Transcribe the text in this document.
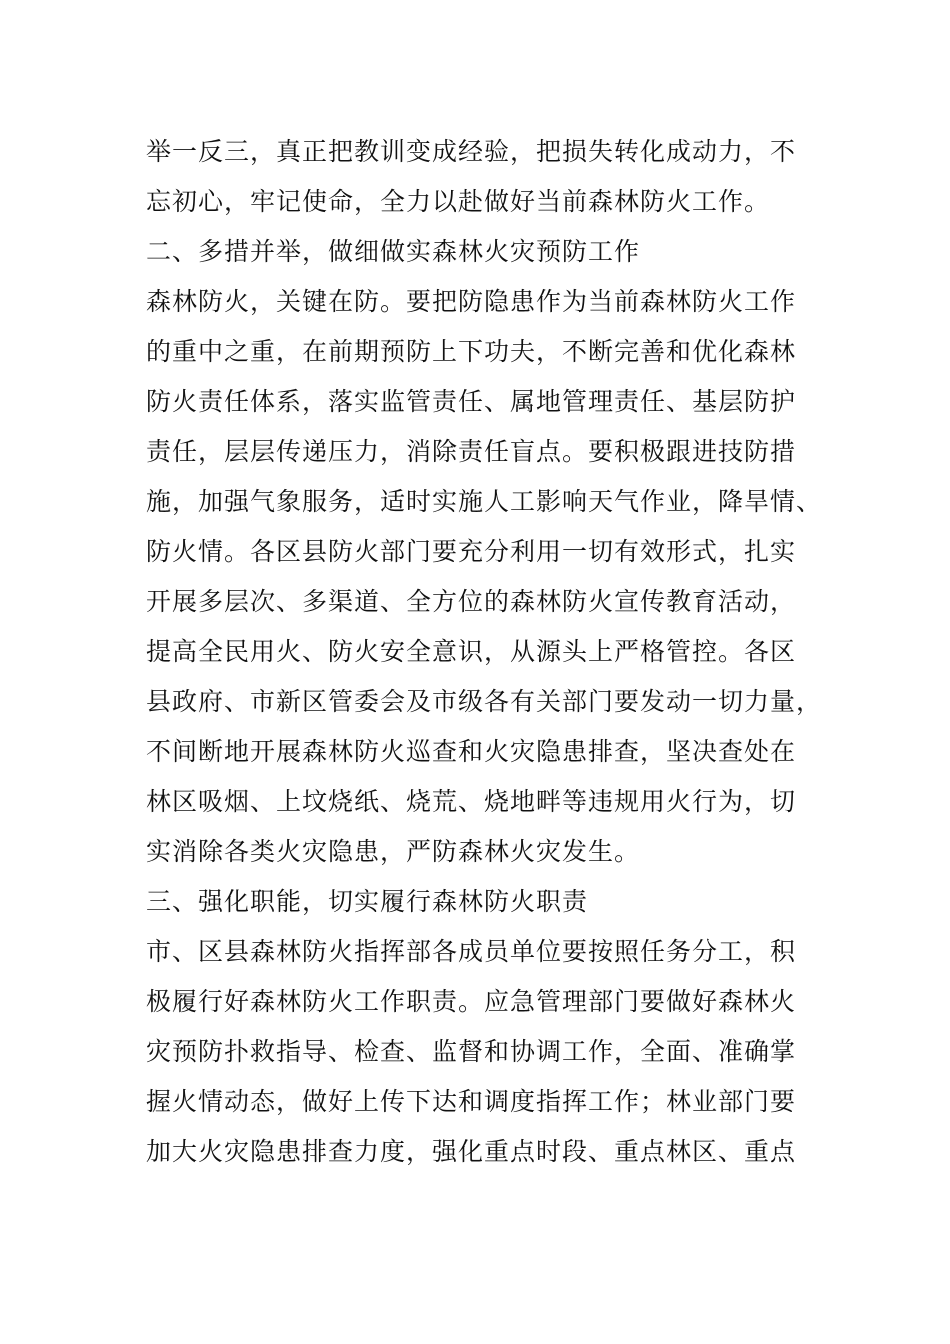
举一反三，真正把教训变成经验，把损失转化成动力，不
忘初心，牢记使命，全力以赴做好当前森林防火工作。
二、多措并举，做细做实森林火灾预防工作
森林防火，关键在防。要把防隐患作为当前森林防火工作
的重中之重，在前期预防上下功夫，不断完善和优化森林
防火责任体系，落实监管责任、属地管理责任、基层防护
责任，层层传递压力，消除责任盲点。要积极跟进技防措
施，加强气象服务，适时实施人工影响天气作业，降旱情、
防火情。各区县防火部门要充分利用一切有效形式，扎实
开展多层次、多渠道、全方位的森林防火宣传教育活动，
提高全民用火、防火安全意识，从源头上严格管控。各区
县政府、市新区管委会及市级各有关部门要发动一切力量，
不间断地开展森林防火巡查和火灾隐患排查，坚决查处在
林区吸烟、上坟烧纸、烧荒、烧地畔等违规用火行为，切
实消除各类火灾隐患，严防森林火灾发生。
三、强化职能，切实履行森林防火职责
市、区县森林防火指挥部各成员单位要按照任务分工，积
极履行好森林防火工作职责。应急管理部门要做好森林火
灾预防扑救指导、检查、监督和协调工作，全面、准确掌
握火情动态，做好上传下达和调度指挥工作；林业部门要
加大火灾隐患排查力度，强化重点时段、重点林区、重点
